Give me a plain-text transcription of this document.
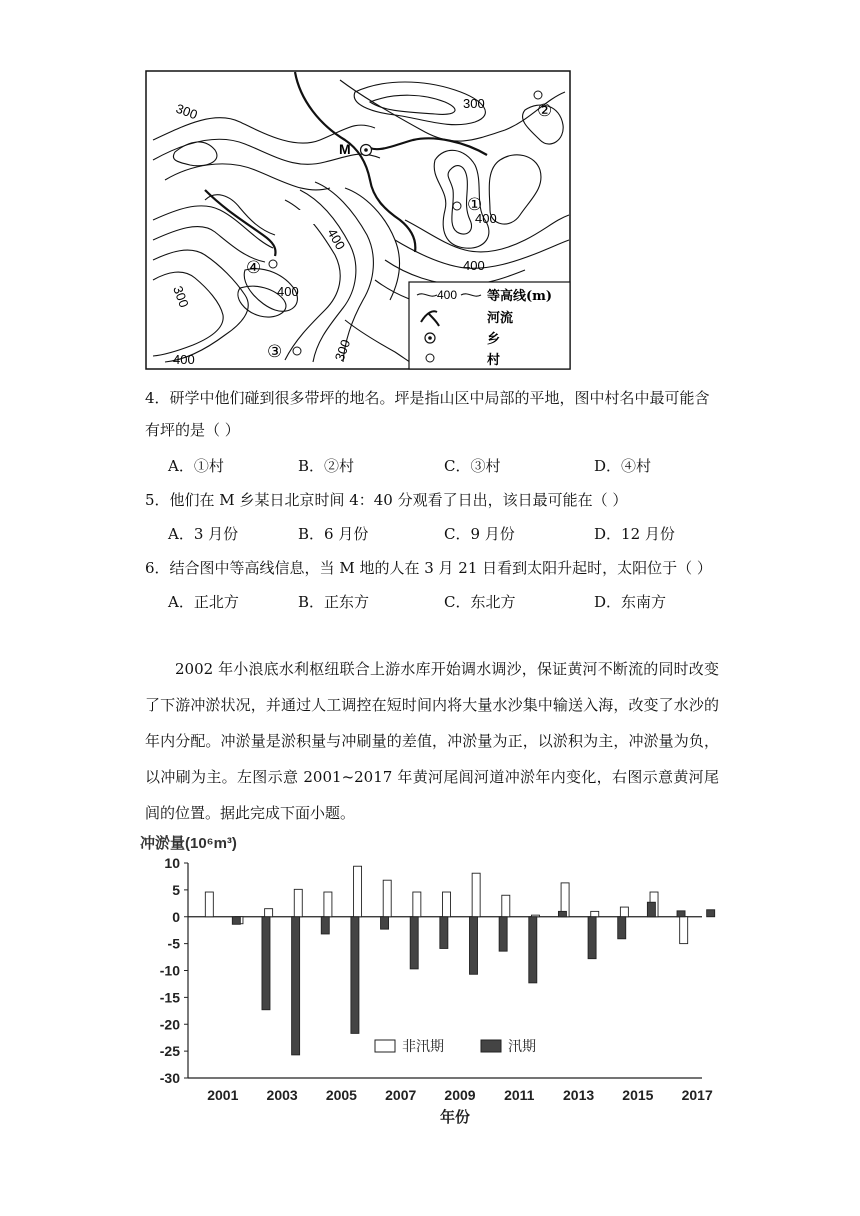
300	300
300
300
400
400
400
400
400
M
②
①
④
③
400 等高线(m)
河流
乡
村
4．研学中他们碰到很多带坪的地名。坪是指山区中局部的平地，图中村名中最可能含
有坪的是（ ）
A．①村	B．②村	C．③村	D．④村
5．他们在 M 乡某日北京时间 4：40 分观看了日出，该日最可能在（ ）
A．3 月份	B．6 月份	C．9 月份	D．12 月份
6．结合图中等高线信息，当 M 地的人在 3 月 21 日看到太阳升起时，太阳位于（ ）
A．正北方	B．正东方	C．东北方	D．东南方
2002 年小浪底水利枢纽联合上游水库开始调水调沙，保证黄河不断流的同时改变了下游冲淤状况，并通过人工调控在短时间内将大量水沙集中输送入海，改变了水沙的年内分配。冲淤量是淤积量与冲刷量的差值，冲淤量为正，以淤积为主，冲淤量为负，以冲刷为主。左图示意 2001~2017 年黄河尾闾河道冲淤年内变化，右图示意黄河尾闾的位置。据此完成下面小题。
冲淤量(10⁶m³)
年份
10
5
0
-5
-10
-15
-20
-25
-30
2001 2003 2005 2007 2009 2011 2013 2015 2017
非汛期	汛期
